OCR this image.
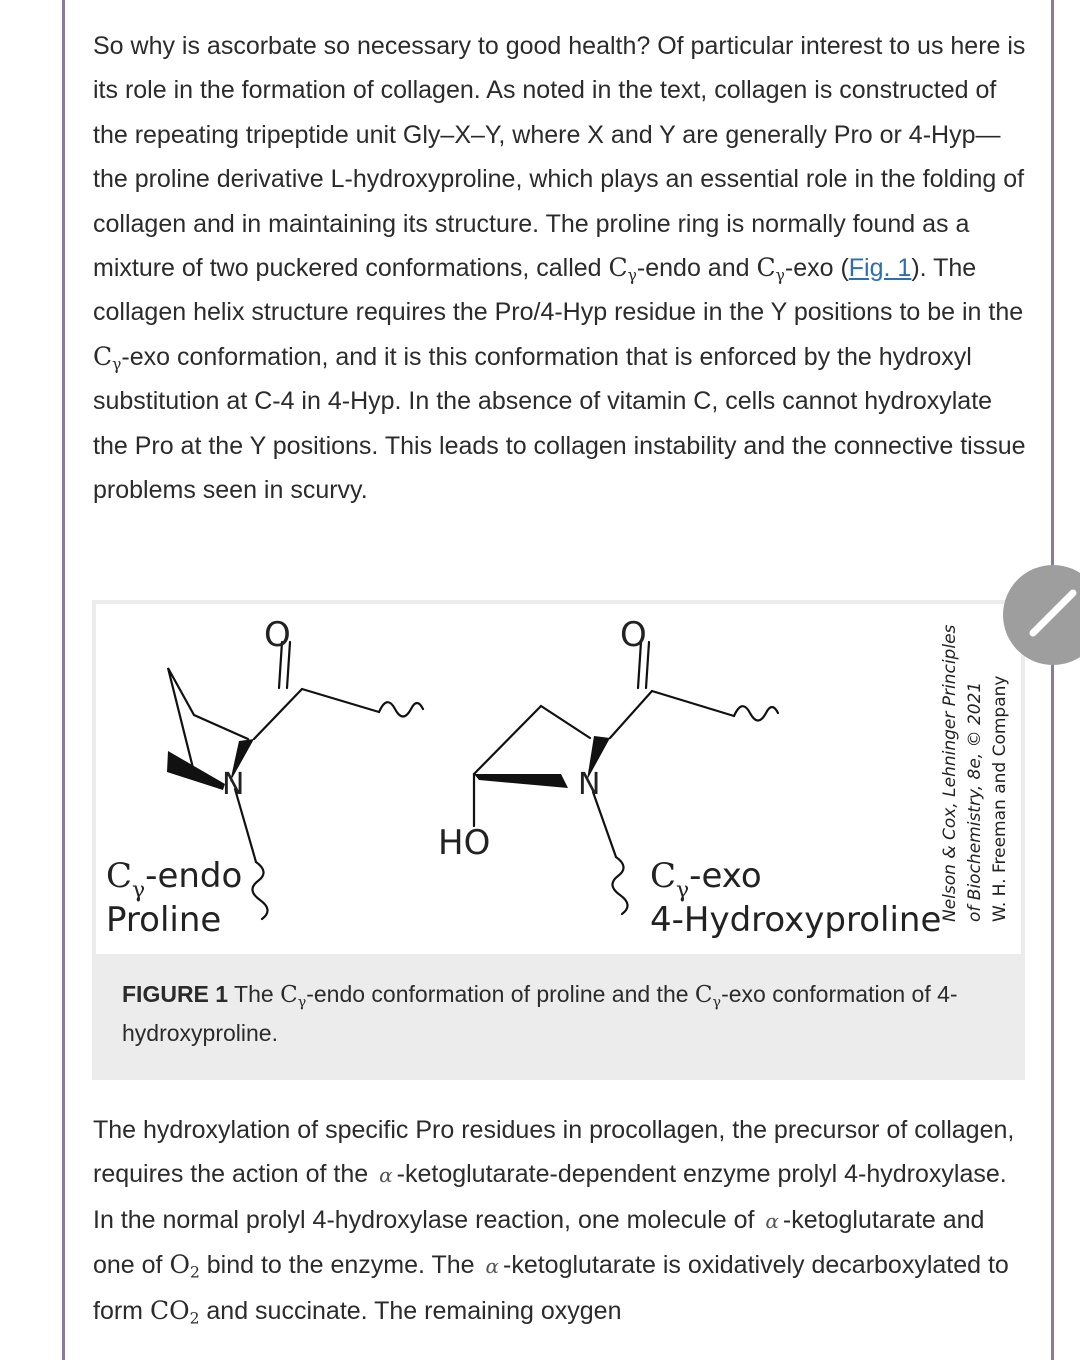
So why is ascorbate so necessary to good health? Of particular interest to us here is its role in the formation of collagen. As noted in the text, collagen is constructed of the repeating tripeptide unit Gly–X–Y, where X and Y are generally Pro or 4-Hyp—the proline derivative L-hydroxyproline, which plays an essential role in the folding of collagen and in maintaining its structure. The proline ring is normally found as a mixture of two puckered conformations, called $C_\gamma$-endo and $C_\gamma$-exo (Fig. 1). The collagen helix structure requires the Pro/4-Hyp residue in the Y positions to be in the $C_\gamma$-exo conformation, and it is this conformation that is enforced by the hydroxyl substitution at C-4 in 4-Hyp. In the absence of vitamin C, cells cannot hydroxylate the Pro at the Y positions. This leads to collagen instability and the connective tissue problems seen in scurvy.

O
N
$C_\gamma$-endo
Proline
O
N
HO
$C_\gamma$-exo
4-Hydroxyproline
FIGURE 1 The $C_\gamma$-endo conformation of proline and the $C_\gamma$-exo conformation of 4-hydroxyproline.
Nelson & Cox, Lehninger Principles of Biochemistry, 8e, © 2021 W. H. Freeman and Company

The hydroxylation of specific Pro residues in procollagen, the precursor of collagen, requires the action of the α -ketoglutarate-dependent enzyme prolyl 4-hydroxylase. In the normal prolyl 4-hydroxylase reaction, one molecule of α -ketoglutarate and one of $O_2$ bind to the enzyme. The α -ketoglutarate is oxidatively decarboxylated to form $CO_2$ and succinate. The remaining oxygen
